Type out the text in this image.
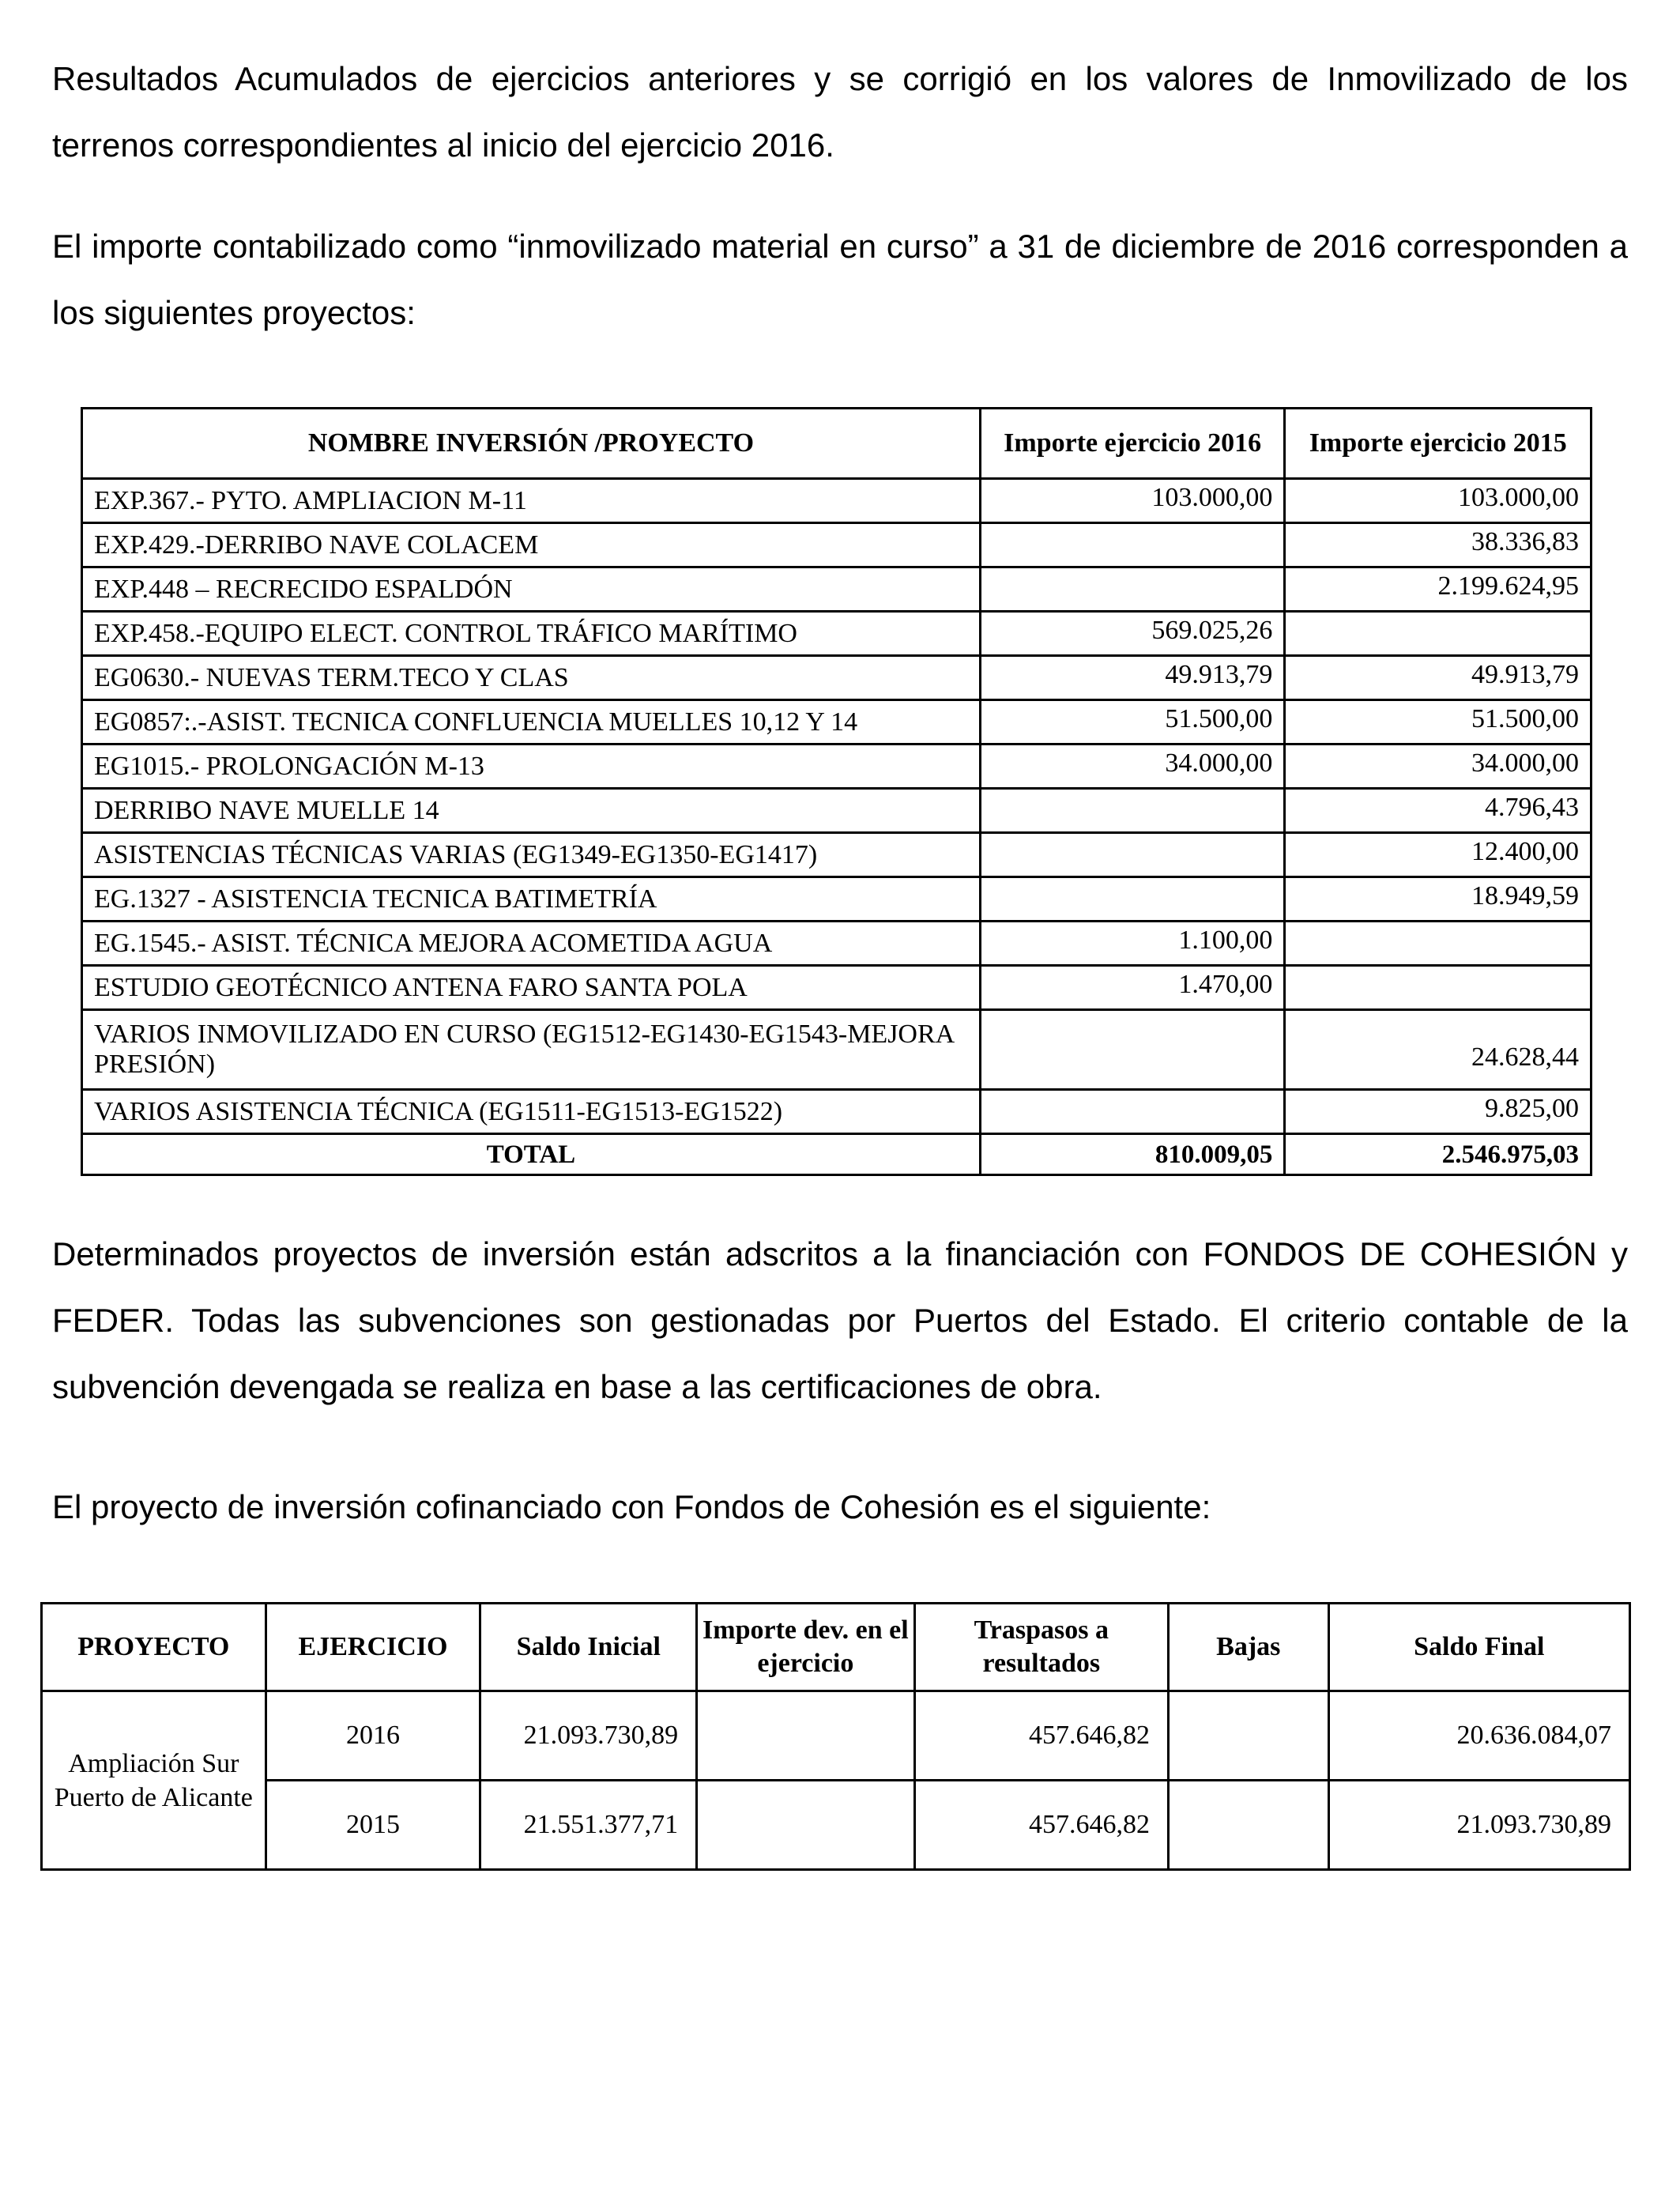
Resultados Acumulados de ejercicios anteriores y se corrigió en los valores de Inmovilizado de los terrenos correspondientes al inicio del ejercicio 2016.

El importe contabilizado como “inmovilizado material en curso” a 31 de diciembre de 2016 corresponden a los siguientes proyectos:

NOMBRE INVERSIÓN /PROYECTO	Importe ejercicio 2016	Importe ejercicio 2015
EXP.367.- PYTO. AMPLIACION M-11	103.000,00	103.000,00
EXP.429.-DERRIBO NAVE COLACEM		38.336,83
EXP.448 – RECRECIDO ESPALDÓN		2.199.624,95
EXP.458.-EQUIPO ELECT. CONTROL TRÁFICO MARÍTIMO	569.025,26	
EG0630.- NUEVAS TERM.TECO Y CLAS	49.913,79	49.913,79
EG0857:.-ASIST. TECNICA CONFLUENCIA MUELLES 10,12 Y 14	51.500,00	51.500,00
EG1015.- PROLONGACIÓN M-13	34.000,00	34.000,00
DERRIBO NAVE MUELLE 14		4.796,43
ASISTENCIAS TÉCNICAS VARIAS (EG1349-EG1350-EG1417)		12.400,00
EG.1327 - ASISTENCIA TECNICA BATIMETRÍA		18.949,59
EG.1545.- ASIST. TÉCNICA MEJORA ACOMETIDA AGUA	1.100,00	
ESTUDIO GEOTÉCNICO ANTENA FARO SANTA POLA	1.470,00	
VARIOS INMOVILIZADO EN CURSO (EG1512-EG1430-EG1543-MEJORA PRESIÓN)		24.628,44
VARIOS ASISTENCIA TÉCNICA (EG1511-EG1513-EG1522)		9.825,00
TOTAL	810.009,05	2.546.975,03

Determinados proyectos de inversión están adscritos a la financiación con FONDOS DE COHESIÓN y FEDER. Todas las subvenciones son gestionadas por Puertos del Estado. El criterio contable de la subvención devengada se realiza en base a las certificaciones de obra.

El proyecto de inversión cofinanciado con Fondos de Cohesión es el siguiente:

PROYECTO	EJERCICIO	Saldo Inicial	Importe dev. en el ejercicio	Traspasos a resultados	Bajas	Saldo Final
Ampliación Sur Puerto de Alicante	2016	21.093.730,89		457.646,82		20.636.084,07
	2015	21.551.377,71		457.646,82		21.093.730,89
